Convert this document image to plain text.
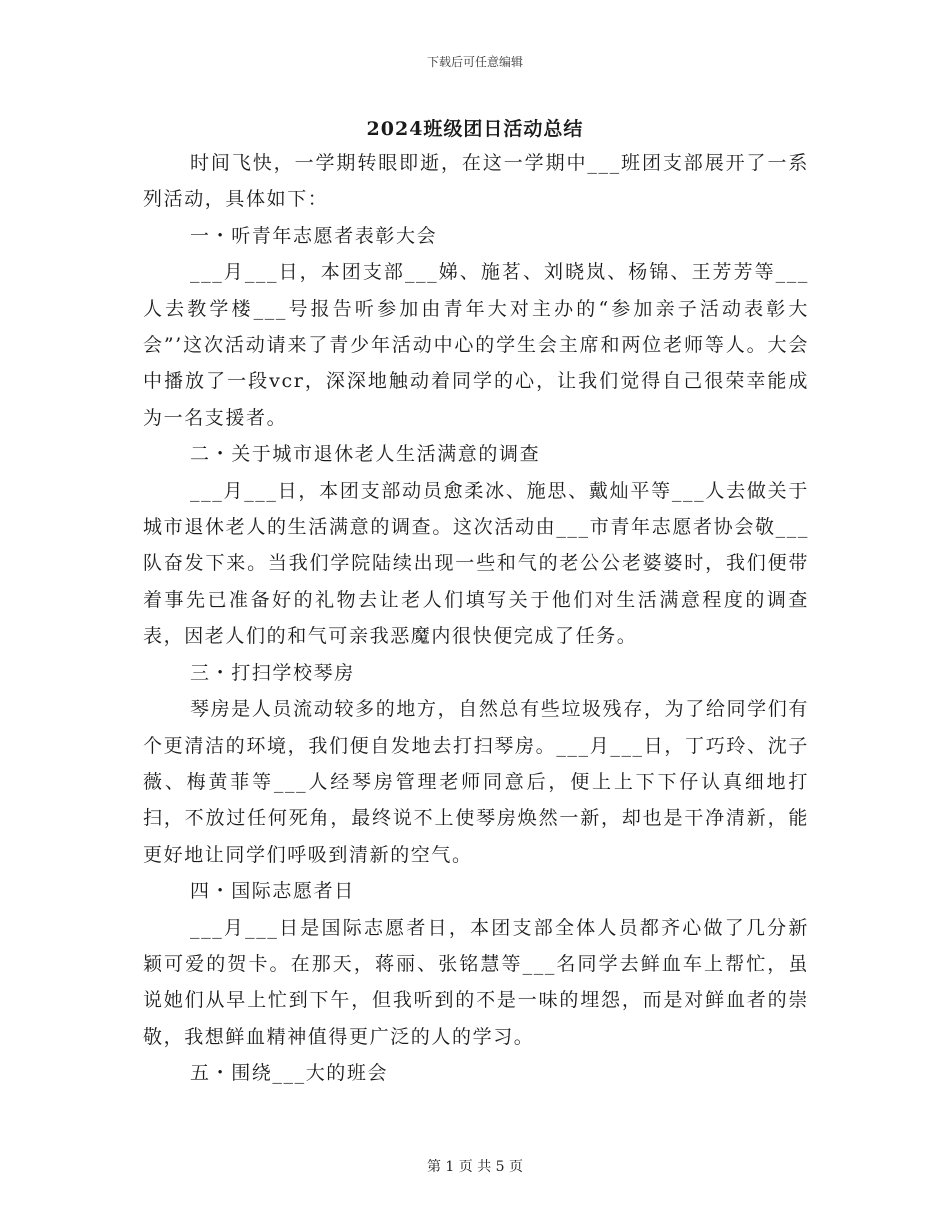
下载后可任意编辑
2024班级团日活动总结

时间飞快，一学期转眼即逝，在这一学期中___班团支部展开了一系列活动，具体如下：

一・听青年志愿者表彰大会

___月___日，本团支部___娣、施茗、刘晓岚、杨锦、王芳芳等___人去教学楼___号报告听参加由青年大对主办的“参加亲子活动表彰大会”’这次活动请来了青少年活动中心的学生会主席和两位老师等人。大会中播放了一段vcr，深深地触动着同学的心，让我们觉得自己很荣幸能成为一名支援者。

二・关于城市退休老人生活满意的调查

___月___日，本团支部动员愈柔冰、施思、戴灿平等___人去做关于城市退休老人的生活满意的调查。这次活动由___市青年志愿者协会敬___队奋发下来。当我们学院陆续出现一些和气的老公公老婆婆时，我们便带着事先已准备好的礼物去让老人们填写关于他们对生活满意程度的调查表，因老人们的和气可亲我恶魔内很快便完成了任务。

三・打扫学校琴房

琴房是人员流动较多的地方，自然总有些垃圾残存，为了给同学们有个更清洁的环境，我们便自发地去打扫琴房。___月___日，丁巧玲、沈子薇、梅黄菲等___人经琴房管理老师同意后，便上上下下仔认真细地打扫，不放过任何死角，最终说不上使琴房焕然一新，却也是干净清新，能更好地让同学们呼吸到清新的空气。

四・国际志愿者日

___月___日是国际志愿者日，本团支部全体人员都齐心做了几分新颖可爱的贺卡。在那天，蒋丽、张铭慧等___名同学去鲜血车上帮忙，虽说她们从早上忙到下午，但我听到的不是一味的埋怨，而是对鲜血者的崇敬，我想鲜血精神值得更广泛的人的学习。

五・围绕___大的班会

第 1 页 共 5 页
